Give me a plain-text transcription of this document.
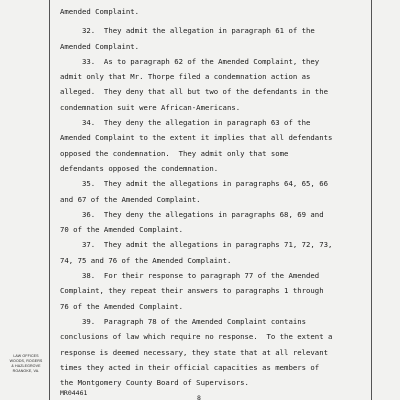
Amended Complaint.
32.  They admit the allegation in paragraph 61 of the
Amended Complaint.
33.  As to paragraph 62 of the Amended Complaint, they
admit only that Mr. Thorpe filed a condemnation action as
alleged.  They deny that all but two of the defendants in the
condemnation suit were African-Americans.
34.  They deny the allegation in paragraph 63 of the
Amended Complaint to the extent it implies that all defendants
opposed the condemnation.  They admit only that some
defendants opposed the condemnation.
35.  They admit the allegations in paragraphs 64, 65, 66
and 67 of the Amended Complaint.
36.  They deny the allegations in paragraphs 68, 69 and
70 of the Amended Complaint.
37.  They admit the allegations in paragraphs 71, 72, 73,
74, 75 and 76 of the Amended Complaint.
38.  For their response to paragraph 77 of the Amended
Complaint, they repeat their answers to paragraphs 1 through
76 of the Amended Complaint.
39.  Paragraph 78 of the Amended Complaint contains
conclusions of law which require no response.  To the extent a
response is deemed necessary, they state that at all relevant
times they acted in their official capacities as members of
the Montgomery County Board of Supervisors.
LAW OFFICES
WOODS, ROGERS
& HAZLEGROVE
ROANOKE, VA.
MR04461
8
